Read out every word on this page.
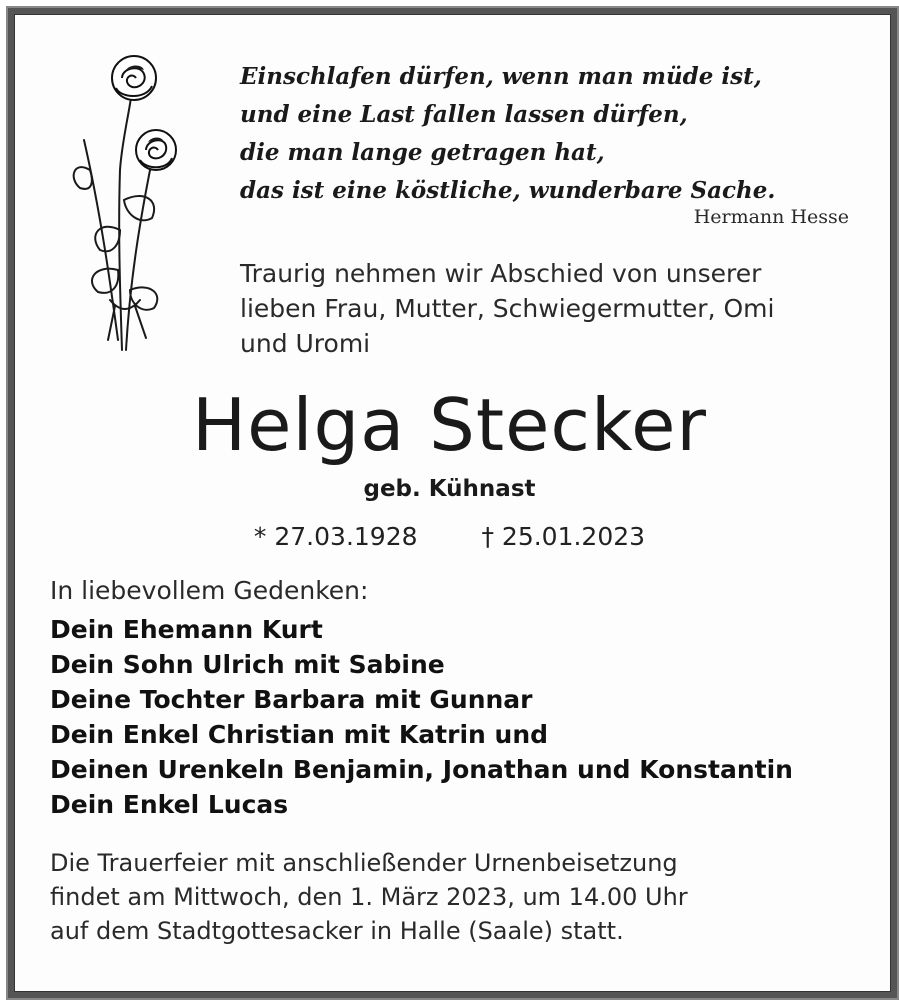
Einschlafen dürfen, wenn man müde ist,
und eine Last fallen lassen dürfen,
die man lange getragen hat,
das ist eine köstliche, wunderbare Sache.
Hermann Hesse
Traurig nehmen wir Abschied von unserer
lieben Frau, Mutter, Schwiegermutter, Omi
und Uromi
Helga Stecker
geb. Kühnast
* 27.03.1928	† 25.01.2023
In liebevollem Gedenken:
Dein Ehemann Kurt
Dein Sohn Ulrich mit Sabine
Deine Tochter Barbara mit Gunnar
Dein Enkel Christian mit Katrin und
Deinen Urenkeln Benjamin, Jonathan und Konstantin
Dein Enkel Lucas
Die Trauerfeier mit anschließender Urnenbeisetzung
findet am Mittwoch, den 1. März 2023, um 14.00 Uhr
auf dem Stadtgottesacker in Halle (Saale) statt.
